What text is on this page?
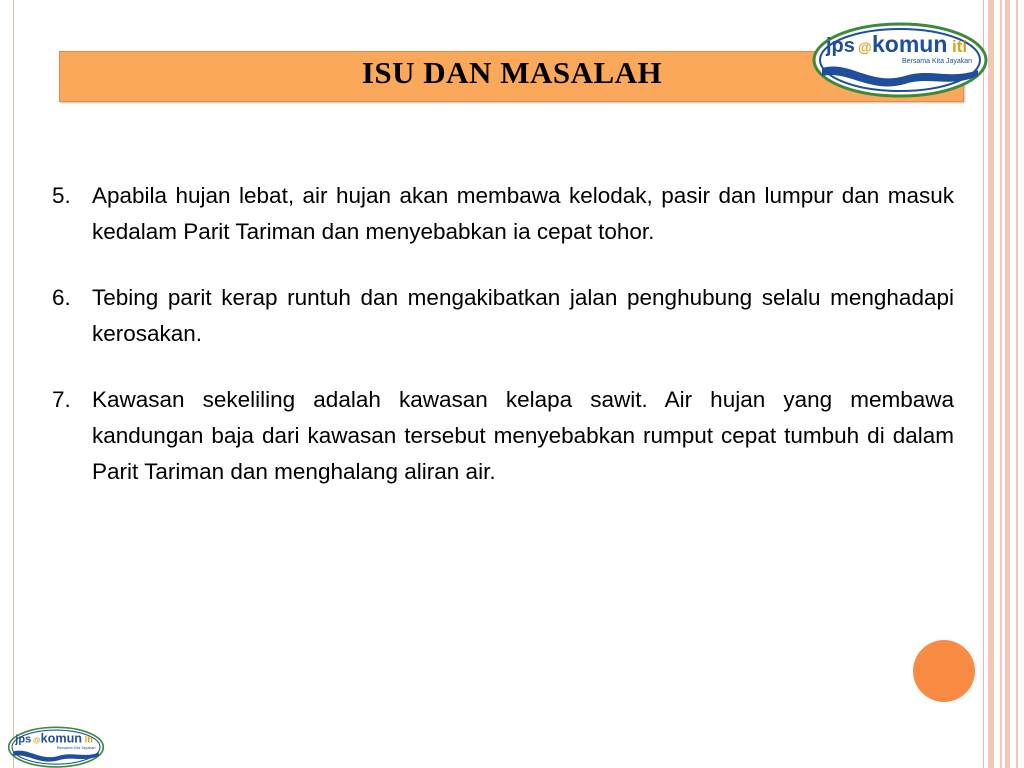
ISU DAN MASALAH
jps @ komun iti
Bersama Kita Jayakan
5. Apabila hujan lebat, air hujan akan membawa kelodak, pasir dan lumpur dan masuk kedalam Parit Tariman dan menyebabkan ia cepat tohor.
6. Tebing parit kerap runtuh dan mengakibatkan jalan penghubung selalu menghadapi kerosakan.
7. Kawasan sekeliling adalah kawasan kelapa sawit. Air hujan yang membawa kandungan baja dari kawasan tersebut menyebabkan rumput cepat tumbuh di dalam Parit Tariman dan menghalang aliran air.
jps @ komun iti
Bersama Kita Jayakan
